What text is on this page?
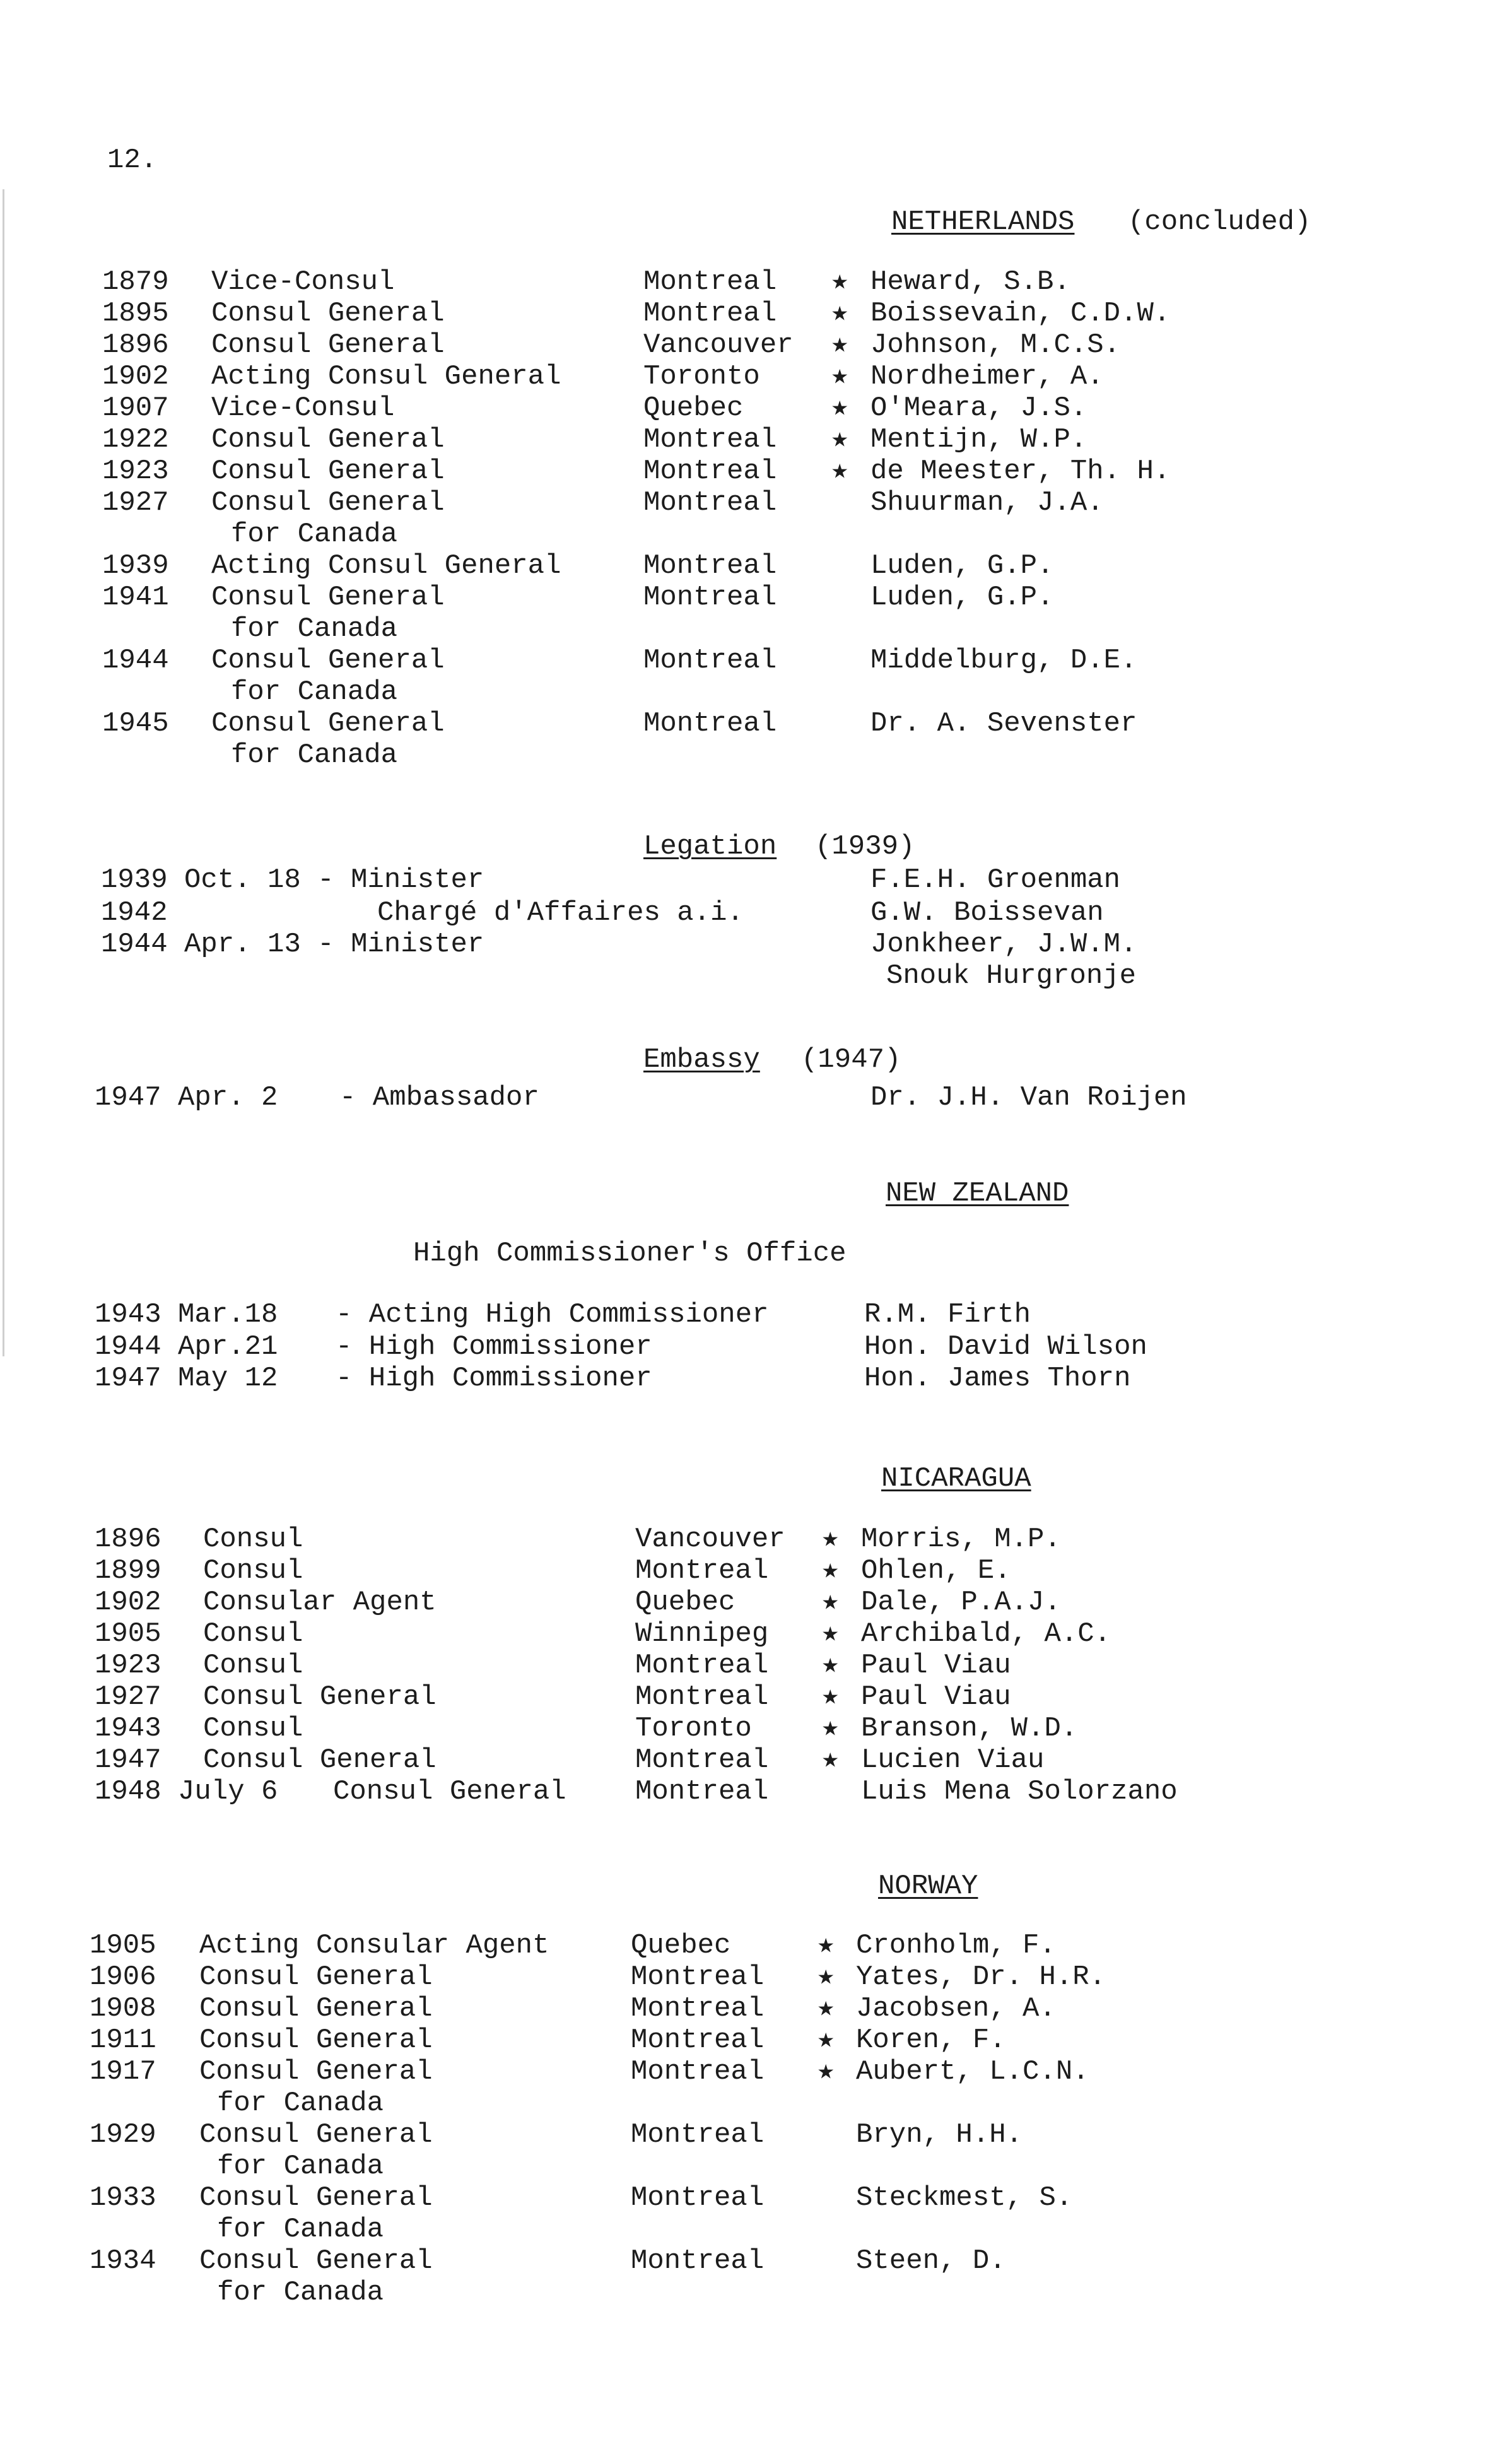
12.
NETHERLANDS (concluded)
1879 Vice-Consul	Montreal ★ Heward, S.B.
1895 Consul General	Montreal ★ Boissevain, C.D.W.
1896 Consul General	Vancouver ★ Johnson, M.C.S.
1902 Acting Consul General	Toronto	★ Nordheimer, A.
1907 Vice-Consul	Quebec	★ O'Meara, J.S.
1922 Consul General	Montreal ★ Mentijn, W.P.
1923 Consul General	Montreal ★ de Meester, Th. H.
1927 Consul General	Montreal	Shuurman, J.A.
for Canada
1939 Acting Consul General	Montreal	Luden, G.P.
1941 Consul General	Montreal	Luden, G.P.
for Canada
1944 Consul General	Montreal	Middelburg, D.E.
for Canada
1945 Consul General	Montreal	Dr. A. Sevenster
for Canada
Legation (1939)
1939 Oct. 18 - Minister	F.E.H. Groenman
1942	Chargé d'Affaires a.i.	G.W. Boissevan
1944 Apr. 13 - Minister	Jonkheer, J.W.M.
Snouk Hurgronje
Embassy (1947)
1947 Apr. 2 - Ambassador	Dr. J.H. Van Roijen
NEW ZEALAND
High Commissioner's Office
1943 Mar.18 - Acting High Commissioner	R.M. Firth
1944 Apr.21 - High Commissioner	Hon. David Wilson
1947 May 12 - High Commissioner	Hon. James Thorn
NICARAGUA
1896 Consul	Vancouver ★ Morris, M.P.
1899 Consul	Montreal ★ Ohlen, E.
1902 Consular Agent	Quebec	★ Dale, P.A.J.
1905 Consul	Winnipeg ★ Archibald, A.C.
1923 Consul	Montreal ★ Paul Viau
1927 Consul General	Montreal ★ Paul Viau
1943 Consul	Toronto	★ Branson, W.D.
1947 Consul General	Montreal ★ Lucien Viau
1948 July 6 Consul General Montreal	Luis Mena Solorzano
NORWAY
1905 Acting Consular Agent	Quebec	★ Cronholm, F.
1906 Consul General	Montreal ★ Yates, Dr. H.R.
1908 Consul General	Montreal ★ Jacobsen, A.
1911 Consul General	Montreal ★ Koren, F.
1917 Consul General	Montreal ★ Aubert, L.C.N.
for Canada
1929 Consul General	Montreal	Bryn, H.H.
for Canada
1933 Consul General	Montreal	Steckmest, S.
for Canada
1934 Consul General	Montreal	Steen, D.
for Canada
